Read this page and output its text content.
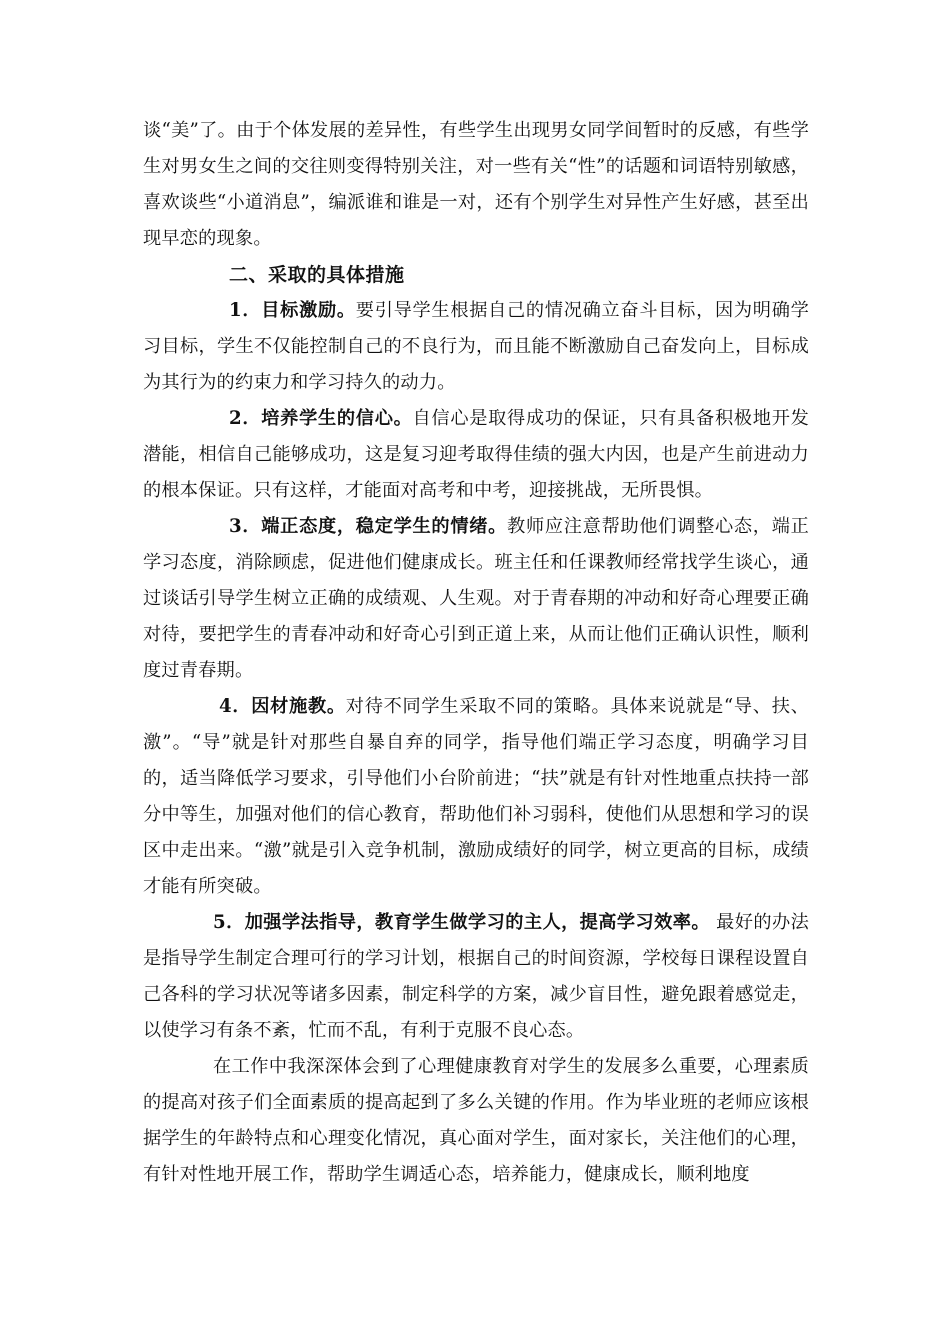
谈“美”了。由于个体发展的差异性，有些学生出现男女同学间暂时的反感，有些学生对男女生之间的交往则变得特别关注，对一些有关“性”的话题和词语特别敏感，喜欢谈些“小道消息”，编派谁和谁是一对，还有个别学生对异性产生好感，甚至出现早恋的现象。

二、采取的具体措施

1．目标激励。要引导学生根据自己的情况确立奋斗目标，因为明确学习目标，学生不仅能控制自己的不良行为，而且能不断激励自己奋发向上，目标成为其行为的约束力和学习持久的动力。

2．培养学生的信心。自信心是取得成功的保证，只有具备积极地开发潜能，相信自己能够成功，这是复习迎考取得佳绩的强大内因，也是产生前进动力的根本保证。只有这样，才能面对高考和中考，迎接挑战，无所畏惧。

3．端正态度，稳定学生的情绪。教师应注意帮助他们调整心态，端正学习态度，消除顾虑，促进他们健康成长。班主任和任课教师经常找学生谈心，通过谈话引导学生树立正确的成绩观、人生观。对于青春期的冲动和好奇心理要正确对待，要把学生的青春冲动和好奇心引到正道上来，从而让他们正确认识性，顺利度过青春期。

4．因材施教。对待不同学生采取不同的策略。具体来说就是“导、扶、激”。“导”就是针对那些自暴自弃的同学，指导他们端正学习态度，明确学习目的，适当降低学习要求，引导他们小台阶前进；“扶”就是有针对性地重点扶持一部分中等生，加强对他们的信心教育，帮助他们补习弱科，使他们从思想和学习的误区中走出来。“激”就是引入竞争机制，激励成绩好的同学，树立更高的目标，成绩才能有所突破。

5．加强学法指导，教育学生做学习的主人，提高学习效率。 最好的办法是指导学生制定合理可行的学习计划，根据自己的时间资源，学校每日课程设置自己各科的学习状况等诸多因素，制定科学的方案，减少盲目性，避免跟着感觉走，以使学习有条不紊，忙而不乱，有利于克服不良心态。

在工作中我深深体会到了心理健康教育对学生的发展多么重要，心理素质的提高对孩子们全面素质的提高起到了多么关键的作用。作为毕业班的老师应该根据学生的年龄特点和心理变化情况，真心面对学生，面对家长，关注他们的心理，有针对性地开展工作，帮助学生调适心态，培养能力，健康成长，顺利地度
